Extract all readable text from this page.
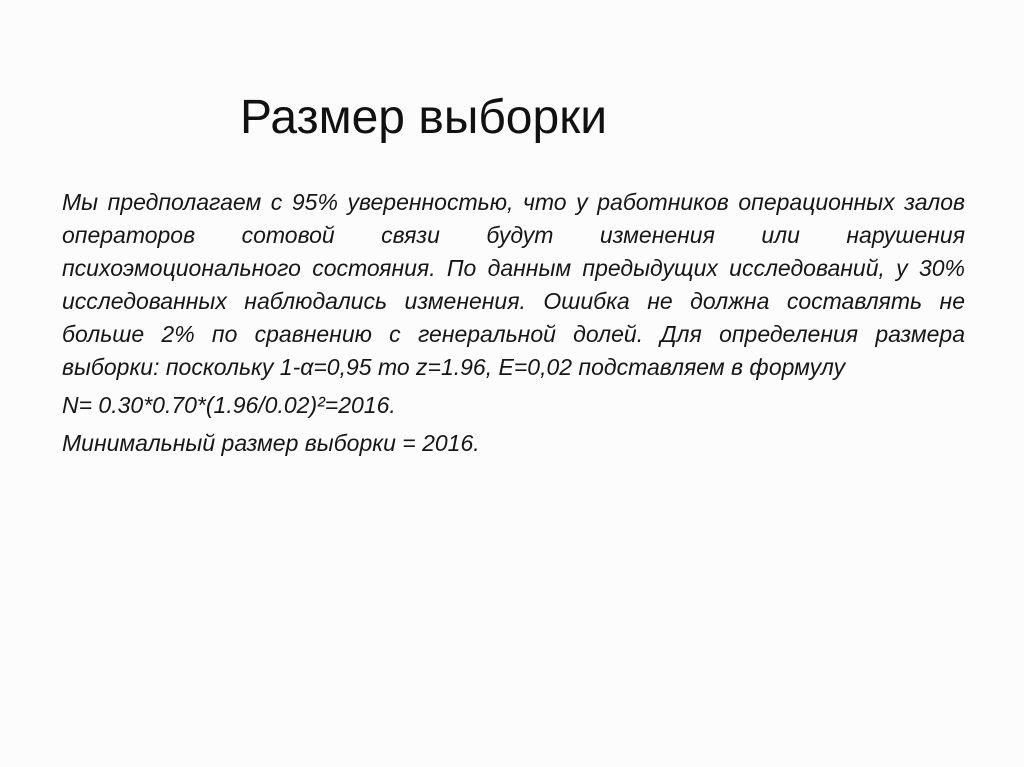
Размер выборки

Мы предполагаем с 95% уверенностью, что у работников операционных залов операторов сотовой связи будут изменения или нарушения психоэмоционального состояния. По данным предыдущих исследований, у 30% исследованных наблюдались изменения. Ошибка не должна составлять не больше 2% по сравнению с генеральной долей. Для определения размера выборки: поскольку 1-α=0,95 то z=1.96, E=0,02 подставляем в формулу

N= 0.30*0.70*(1.96/0.02)²=2016.

Минимальный размер выборки = 2016.
